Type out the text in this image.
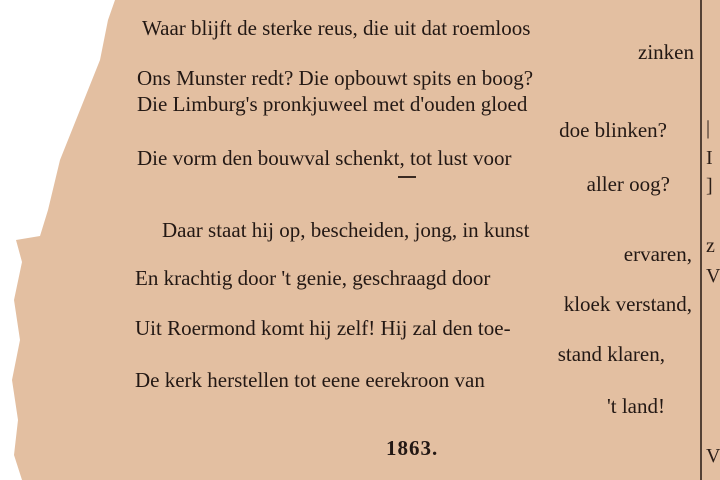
|
I
]
z
V
V
Waar blijft de sterke reus, die uit dat roemloos
zinken
Ons Munster redt? Die opbouwt spits en boog?
Die Limburg's pronkjuweel met d'ouden gloed
doe blinken?
Die vorm den bouwval schenkt, tot lust voor
aller oog?
Daar staat hij op, bescheiden, jong, in kunst
ervaren,
En krachtig door 't genie, geschraagd door
kloek verstand,
Uit Roermond komt hij zelf! Hij zal den toe-
stand klaren,
De kerk herstellen tot eene eerekroon van
't land!
1863.
